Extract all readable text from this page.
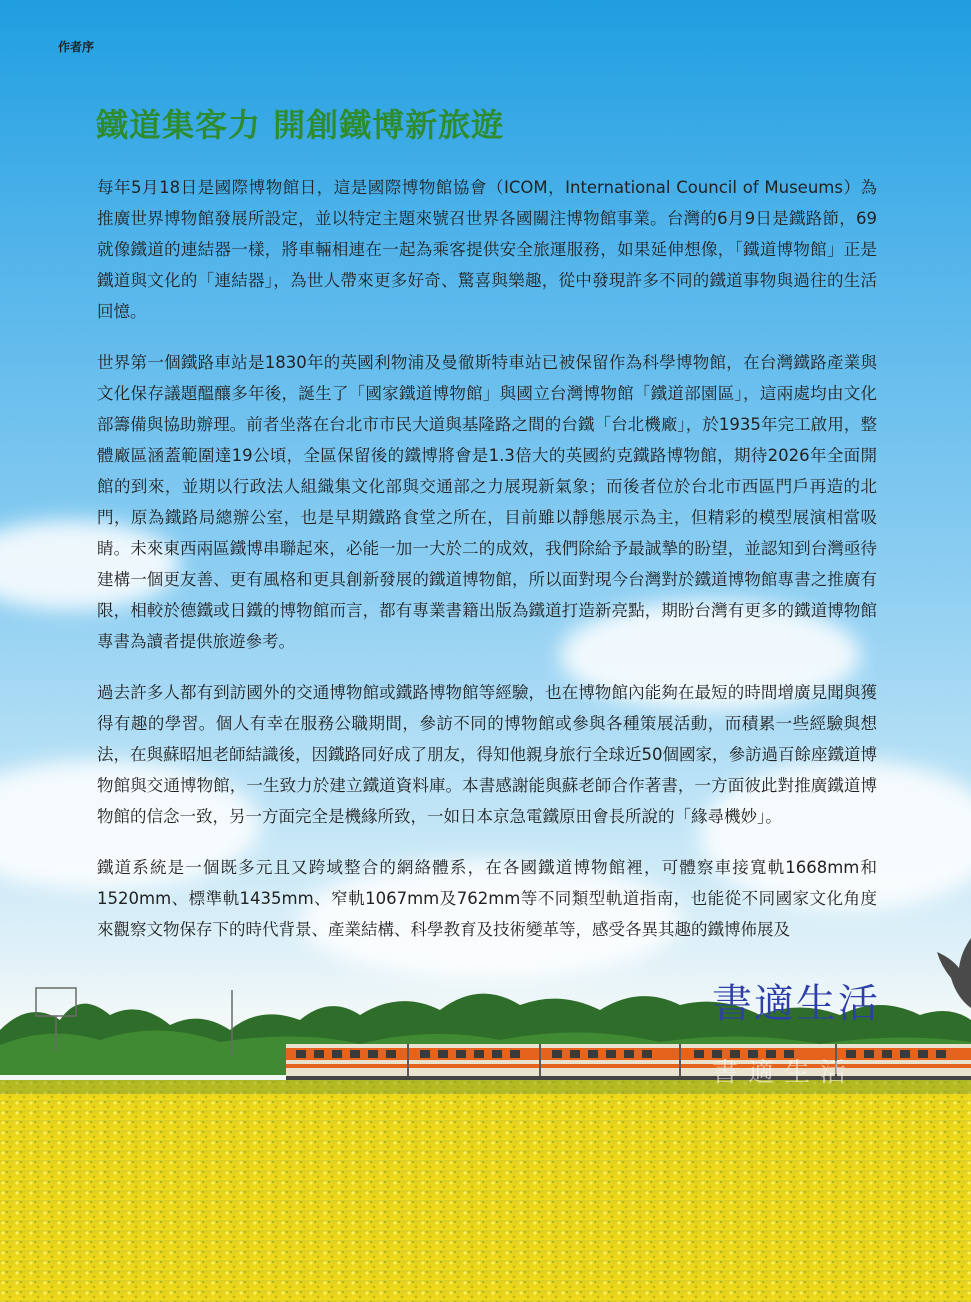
作者序
鐵道集客力 開創鐵博新旅遊

每年5月18日是國際博物館日，這是國際博物館協會（ICOM，International Council of Museums）為推廣世界博物館發展所設定，並以特定主題來號召世界各國關注博物館事業。台灣的6月9日是鐵路節，69就像鐵道的連結器一樣，將車輛相連在一起為乘客提供安全旅運服務，如果延伸想像，「鐵道博物館」正是鐵道與文化的「連結器」，為世人帶來更多好奇、驚喜與樂趣，從中發現許多不同的鐵道事物與過往的生活回憶。

世界第一個鐵路車站是1830年的英國利物浦及曼徹斯特車站已被保留作為科學博物館，在台灣鐵路產業與文化保存議題醞釀多年後，誕生了「國家鐵道博物館」與國立台灣博物館「鐵道部園區」，這兩處均由文化部籌備與協助辦理。前者坐落在台北市市民大道與基隆路之間的台鐵「台北機廠」，於1935年完工啟用，整體廠區涵蓋範圍達19公頃，全區保留後的鐵博將會是1.3倍大的英國約克鐵路博物館，期待2026年全面開館的到來，並期以行政法人組織集文化部與交通部之力展現新氣象；而後者位於台北市西區門戶再造的北門，原為鐵路局總辦公室，也是早期鐵路食堂之所在，目前雖以靜態展示為主，但精彩的模型展演相當吸睛。未來東西兩區鐵博串聯起來，必能一加一大於二的成效，我們除給予最誠摯的盼望，並認知到台灣亟待建構一個更友善、更有風格和更具創新發展的鐵道博物館，所以面對現今台灣對於鐵道博物館專書之推廣有限，相較於德鐵或日鐵的博物館而言，都有專業書籍出版為鐵道打造新亮點，期盼台灣有更多的鐵道博物館專書為讀者提供旅遊參考。

過去許多人都有到訪國外的交通博物館或鐵路博物館等經驗，也在博物館內能夠在最短的時間增廣見聞與獲得有趣的學習。個人有幸在服務公職期間，參訪不同的博物館或參與各種策展活動，而積累一些經驗與想法，在與蘇昭旭老師結識後，因鐵路同好成了朋友，得知他親身旅行全球近50個國家，參訪過百餘座鐵道博物館與交通博物館，一生致力於建立鐵道資料庫。本書感謝能與蘇老師合作著書，一方面彼此對推廣鐵道博物館的信念一致，另一方面完全是機緣所致，一如日本京急電鐵原田會長所說的「緣尋機妙」。

鐵道系統是一個既多元且又跨域整合的網絡體系，在各國鐵道博物館裡，可體察車接寬軌1668mm和1520mm、標準軌1435mm、窄軌1067mm及762mm等不同類型軌道指南，也能從不同國家文化角度來觀察文物保存下的時代背景、產業結構、科學教育及技術變革等，感受各異其趣的鐵博佈展及

書適生活
書適生活
